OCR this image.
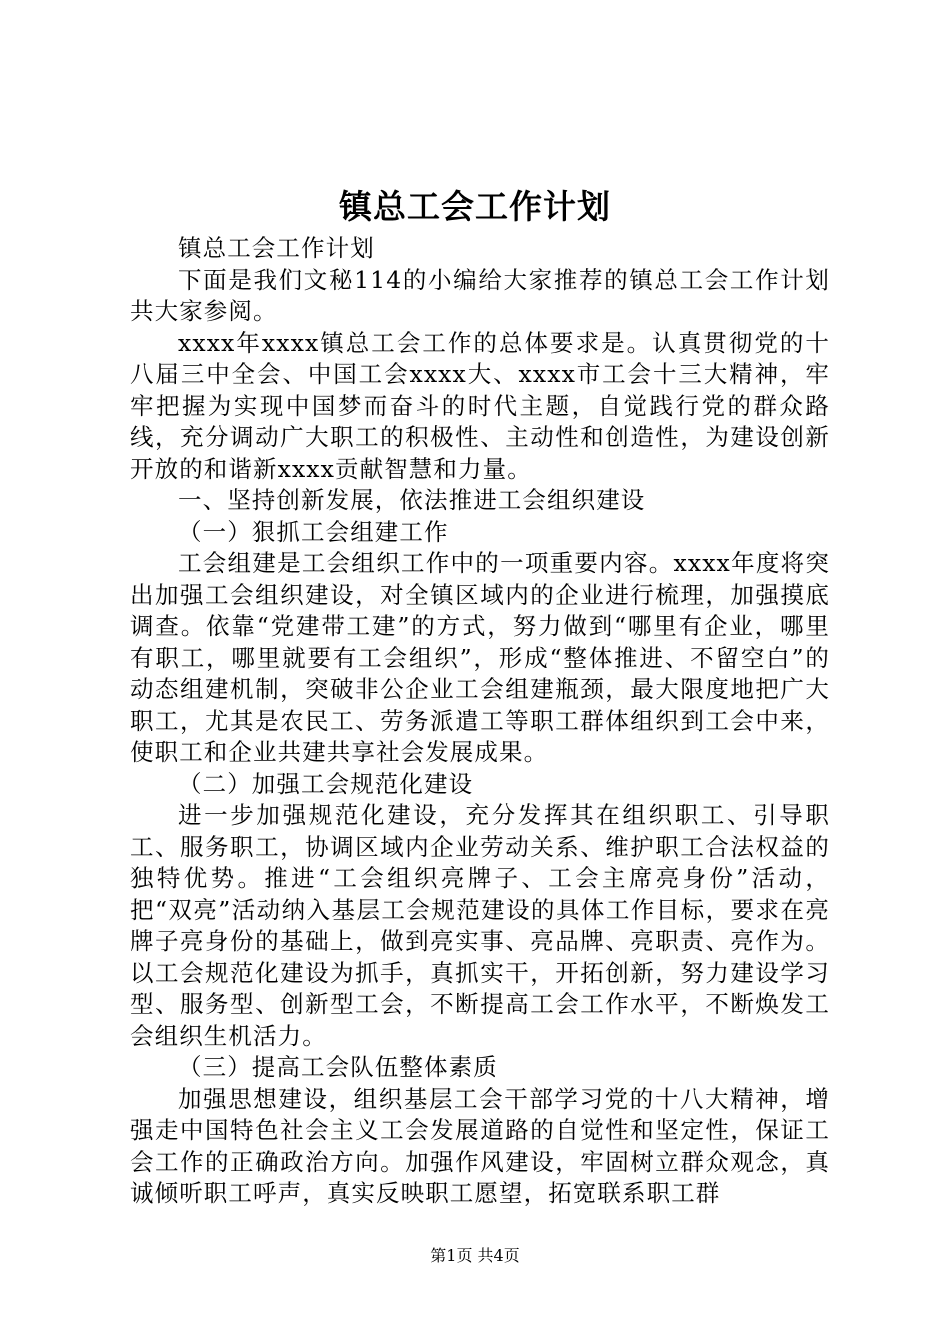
镇总工会工作计划

镇总工会工作计划

下面是我们文秘114的小编给大家推荐的镇总工会工作计划共大家参阅。

xxxx年xxxx镇总工会工作的总体要求是。认真贯彻党的十八届三中全会、中国工会xxxx大、xxxx市工会十三大精神，牢牢把握为实现中国梦而奋斗的时代主题，自觉践行党的群众路线，充分调动广大职工的积极性、主动性和创造性，为建设创新开放的和谐新xxxx贡献智慧和力量。

一、坚持创新发展，依法推进工会组织建设

（一）狠抓工会组建工作

工会组建是工会组织工作中的一项重要内容。xxxx年度将突出加强工会组织建设，对全镇区域内的企业进行梳理，加强摸底调查。依靠“党建带工建”的方式，努力做到“哪里有企业，哪里有职工，哪里就要有工会组织”，形成“整体推进、不留空白”的动态组建机制，突破非公企业工会组建瓶颈，最大限度地把广大职工，尤其是农民工、劳务派遣工等职工群体组织到工会中来，使职工和企业共建共享社会发展成果。

（二）加强工会规范化建设

进一步加强规范化建设，充分发挥其在组织职工、引导职工、服务职工，协调区域内企业劳动关系、维护职工合法权益的独特优势。推进“工会组织亮牌子、工会主席亮身份”活动，把“双亮”活动纳入基层工会规范建设的具体工作目标，要求在亮牌子亮身份的基础上，做到亮实事、亮品牌、亮职责、亮作为。以工会规范化建设为抓手，真抓实干，开拓创新，努力建设学习型、服务型、创新型工会，不断提高工会工作水平，不断焕发工会组织生机活力。

（三）提高工会队伍整体素质

加强思想建设，组织基层工会干部学习党的十八大精神，增强走中国特色社会主义工会发展道路的自觉性和坚定性，保证工会工作的正确政治方向。加强作风建设，牢固树立群众观念，真诚倾听职工呼声，真实反映职工愿望，拓宽联系职工群

第1页 共4页
